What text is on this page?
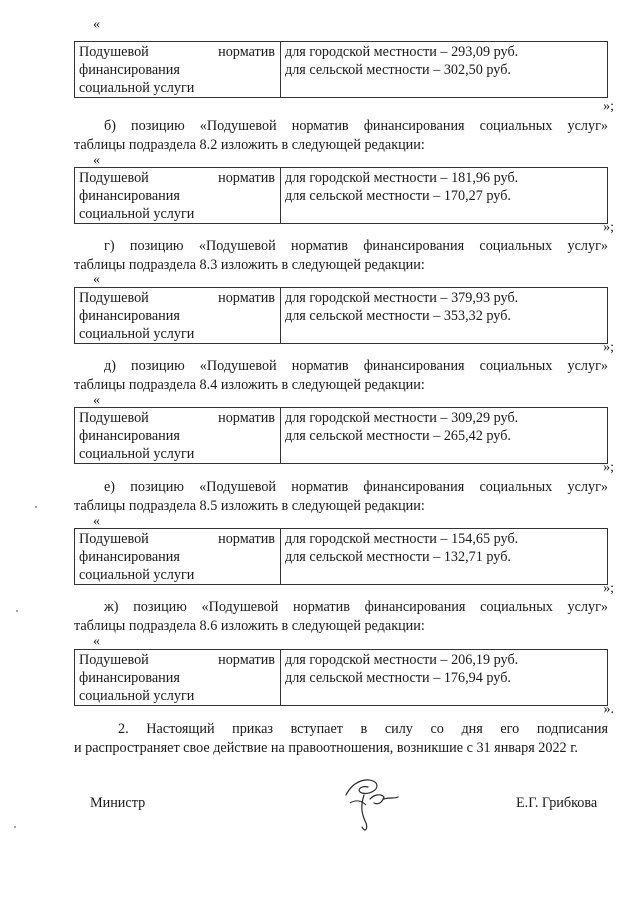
«
Подушевой	норматив
финансирования
социальной услуги

для городской местности – 293,09 руб.
для сельской местности – 302,50 руб.
»;
б) позицию «Подушевой норматив финансирования социальных услуг»
таблицы подраздела 8.2 изложить в следующей редакции:
«
Подушевой	норматив
финансирования
социальной услуги

для городской местности – 181,96 руб.
для сельской местности – 170,27 руб.
»;
г) позицию «Подушевой норматив финансирования социальных услуг»
таблицы подраздела 8.3 изложить в следующей редакции:
«
Подушевой	норматив
финансирования
социальной услуги

для городской местности – 379,93 руб.
для сельской местности – 353,32 руб.
»;
д) позицию «Подушевой норматив финансирования социальных услуг»
таблицы подраздела 8.4 изложить в следующей редакции:
«
Подушевой	норматив
финансирования
социальной услуги

для городской местности – 309,29 руб.
для сельской местности – 265,42 руб.
»;
е) позицию «Подушевой норматив финансирования социальных услуг»
таблицы подраздела 8.5 изложить в следующей редакции:
«
Подушевой	норматив
финансирования
социальной услуги

для городской местности – 154,65 руб.
для сельской местности – 132,71 руб.
»;
ж) позицию «Подушевой норматив финансирования социальных услуг»
таблицы подраздела 8.6 изложить в следующей редакции:
«
Подушевой	норматив
финансирования
социальной услуги

для городской местности – 206,19 руб.
для сельской местности – 176,94 руб.
».
2.   Настоящий   приказ   вступает   в   силу   со   дня   его   подписания
и распространяет свое действие на правоотношения, возникшие с 31 января 2022 г.
Министр	Е.Г. Грибкова
